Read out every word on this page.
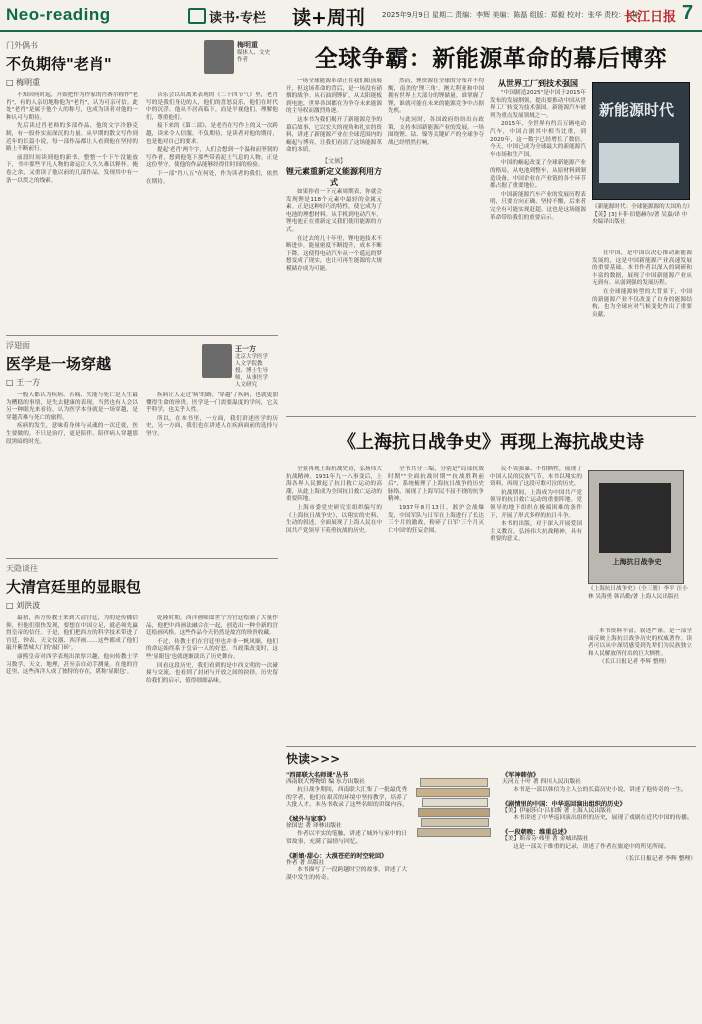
Neo-reading	读书·专栏 读+周刊 2025年9月9日 星期二 责编：李辉 美编：陈磊 组版：郑毅 校对：张华 责校：毛栋
长江日报 7
门外偶书
不负期待"老肖"
□ 梅明重
梅明重
媒体人、文史作者

不知因何时起，开始把作为作家的肖赛尔称作"老肖"，有的人亲切地称他为"老肖"，认为可亲可信。此处"老肖"是属于他个人的称号，也成为读者对他的一种认可与期待。

先后读过肖老师的多部作品，他的文字冷静克制，有一股朴实而深沉的力量。从早期的散文写作到近年的长篇小说，每一部作品都让人看到他在坚持的路上不断前行。

前段时间读到他的新书，整整一个下午没能放下，书中那些平凡人物的命运让人久久难以释怀。掩卷之余，又重读了他以前的几部作品，发现其中有一条一以贯之的线索。

音乐会以出离来表现的《二十四节气》里，老肖写的是我们身边的人，他们的喜怒哀乐，他们在时代中的沉浮。他从不居高临下，而是平视他们，理解他们，尊重他们。

接下来的《第二部》，是老肖在写作上的又一次跨越，读来令人信服。不负期待，是读者对他的期待，也是他对自己的要求。

提起'老肖'两个字，人们会想到一个温和而坚韧的写作者，想到他笔下那些带着泥土气息的人物。正是这份坚守，使他的作品能够经得住时间的检验。

下一部"肖八五"在何处，作为读者的我们，依然在期待。

浮翅面
医学是一场穿越
□ 王一方
王一方
北京大学医学人文学院教授、博士生导师，从事医学人文研究

一般人都认为疾病、苦痛、失能与死亡是人生最为糟糕的事情，是失去健康的表现。当然也有人会以另一种眼光来看待，认为医学本身就是一场穿越，是穿越苦难与死亡的旅程。

疾病的发生，意味着身体与灵魂的一次迁徙，医生要做的，不只是治疗，更是陪伴，陪伴病人穿越那段黑暗的时光。

疾病让人走过'病'的路，'穿越'了疾病，也就更加懂得生命的珍贵。医学是一门需要温度的学问，它关乎科学，也关乎人性。

所以，在本书里，一方面，我们讲述医学的历史，另一方面，我们也在讲述人在疾病面前的选择与坚守。

天隐谈往
大清宫廷里的显眼包
□ 刘洪波

最初，西方传教士来到大清宫廷，为的是传播信仰，但他们很快发现，要想在中国立足，就必须先赢得皇帝的信任。于是，他们把西方的科学技术带进了宫廷，钟表、天文仪器、西洋画……这些都成了他们敲开紫禁城大门的'敲门砖'。

康熙皇帝对西学表现出浓厚兴趣，他向传教士学习数学、天文、地理，甚至亲自动手测量。在他的宫廷里，这些西洋人成了独特的存在，堪称'显眼包'。

乾隆时期，西洋画师郎世宁为宫廷绘制了大量作品，他把中西画法融合在一起，创造出一种全新的宫廷绘画风格。这些作品今天仍然是故宫的珍贵收藏。

不过，传教士们在宫廷里也并非一帆风顺，他们的命运始终系于皇帝一人的好恶。当政策改变时，这些'显眼包'也就逐渐淡出了历史舞台。

回看这段历史，我们看到的是中西文明的一次碰撞与交流，也看到了封闭与开放之间的抉择。历史留给我们的启示，值得细细品味。

全球争霸：新能源革命的幕后博弈

一场全球能源革命正在我们眼前展开，但这场革命的背后，是一场没有硝烟的战争。从石油到锂矿，从太阳能板到电池，世界各国都在为争夺未来能源的主导权而激烈角逐。

这本书为我们揭开了新能源竞争的幕后故事，它以宏大的视角和扎实的资料，讲述了新能源产业在全球范围内的崛起与博弈，让我们看清了这场能源革命的本质。

【文摘】

锂元素重新定义能源利用方式

如果你看一下元素周期表，你就会发现锂是118个元素中最轻的金属元素。正是这种轻巧的特性，使它成为了电池的理想材料。从手机到电动汽车，锂电池正在重新定义我们使用能源的方式。

在过去的几十年里，锂电池技术不断进步，能量密度不断提升，成本不断下降。这使得电动汽车从一个遥远的梦想变成了现实，也让可再生能源的大规模储存成为可能。

然而，锂资源在全球的分布并不均衡，南美的'锂三角'、澳大利亚和中国拥有世界上大部分的锂储量。谁掌握了锂，谁就可能在未来的能源竞争中占据先机。

与此同时，各国政府纷纷出台政策，支持本国新能源产业的发展。一场围绕锂、钴、镍等关键矿产的全球争夺战已经悄然打响。

从世界工厂到技术强国

"中国制造2025"是中国于2015年发布的发展纲领，提出要推动中国从世界工厂转变为技术强国。新能源汽车被列为重点发展领域之一。

2015年，全世界有约百万辆电动汽车，中国占据其中相当比重，到2020年，这一数字已经增长了数倍。今天，中国已成为全球最大的新能源汽车市场和生产国。

中国的崛起改变了全球新能源产业的格局。从电池到整车，从原材料到制造设备，中国企业在产业链的各个环节都占据了重要地位。

中国新能源汽车产业的发展历程表明，只要方向正确、坚持不懈，后来者完全有可能实现赶超。这也是这场能源革命带给我们的重要启示。

新能源时代
《新能源时代：全球能源源的大国角力》【英】[3]卡菲·伯德赫尔/著 吴嘉/译 中央编译出版社

在中国，是中国以决心推动新能源发展的，这是中国新能源产业高速发展的重要基础。本书作者以深入的调研和丰富的数据，展现了中国新能源产业从无到有、从弱到强的发展历程。

在全球能源转型的大背景下，中国的新能源产业不仅改变了自身的能源结构，也为全球应对气候变化作出了重要贡献。

《上海抗日战争史》再现上海抗战史诗

全景再现上海抗战史诗，弘扬伟大抗战精神。1931年九一八事变后，上海各界人民掀起了抗日救亡运动的高潮，从此上海成为全国抗日救亡运动的重要阵地。

上海市委党史研究室组织编写的《上海抗日战争史》，以翔实的史料、生动的叙述，全面展现了上海人民在中国共产党领导下英勇抗战的历史。

全书共分三编，分别是"局部抗战时期""全面抗战时期""抗战胜利前后"，系统梳理了上海抗日战争的历史脉络，展现了上海军民不屈不挠的抗争精神。

1937年8月13日，淞沪会战爆发，中国军队与日军在上海进行了长达三个月的激战，粉碎了日军'三个月灭亡中国'的狂妄企图。

民不畏强暴、不怕牺牲，展现了中国人民的民族气节。本书以翔实的资料，再现了这段可歌可泣的历史。

抗战期间，上海成为中国共产党领导的抗日救亡运动的重要阵地。党领导的地下组织在极端困难的条件下，开展了形式多样的抗日斗争。

本书的出版，对于深入开展爱国主义教育，弘扬伟大抗战精神，具有重要的意义。

上海抗日战争史
《上海抗日战争史》（全三册）李平 汪小林 吴海勇 韩昌勤/著 上海人民出版社

本书资料丰富，叙述严谨，是一部全面反映上海抗日战争历史的权威著作。读者可以从中深切感受到先辈们为民族独立和人民解放所付出的巨大牺牲。

（长江日报记者 李辉 整理）

快读>>>
"西部联大名师课"丛书
西南联大博物馆 编 东方出版社
抗日战争期间，西南联大汇集了一批最优秀的学者，他们在艰苦的环境中坚持教学，培养了大批人才。本丛书收录了这些名师的讲课内容。
《城外与家事》
徐国忠 著 译林出版社
作者以平实的笔触，讲述了城外与家中的日常故事，充满了温情与回忆。
《新娘·甜心：大漠苍茫的时空轮回》
作者 著 出版社
本书描写了一段跨越时空的故事，讲述了大漠中发生的传奇。
《军神韩信》
天河五十叶 著 四川人民出版社
本书是一部以韩信为主人公的长篇历史小说，讲述了他传奇的一生。
《剧情里的中国：中华巡回演出组织的历史》
【美】伊丽莎白·吕伯斯 著 上海人民出版社
本书讲述了中华巡回演出组织的历史，展现了戏剧在近代中国的传播。
《一段朝晚：维重总述》
【美】斯蒂芬·弗里 著 金城出版社
这是一部关于维重的记录，讲述了作者在旅途中的所见所闻。
（长江日报记者 李辉 整理）
